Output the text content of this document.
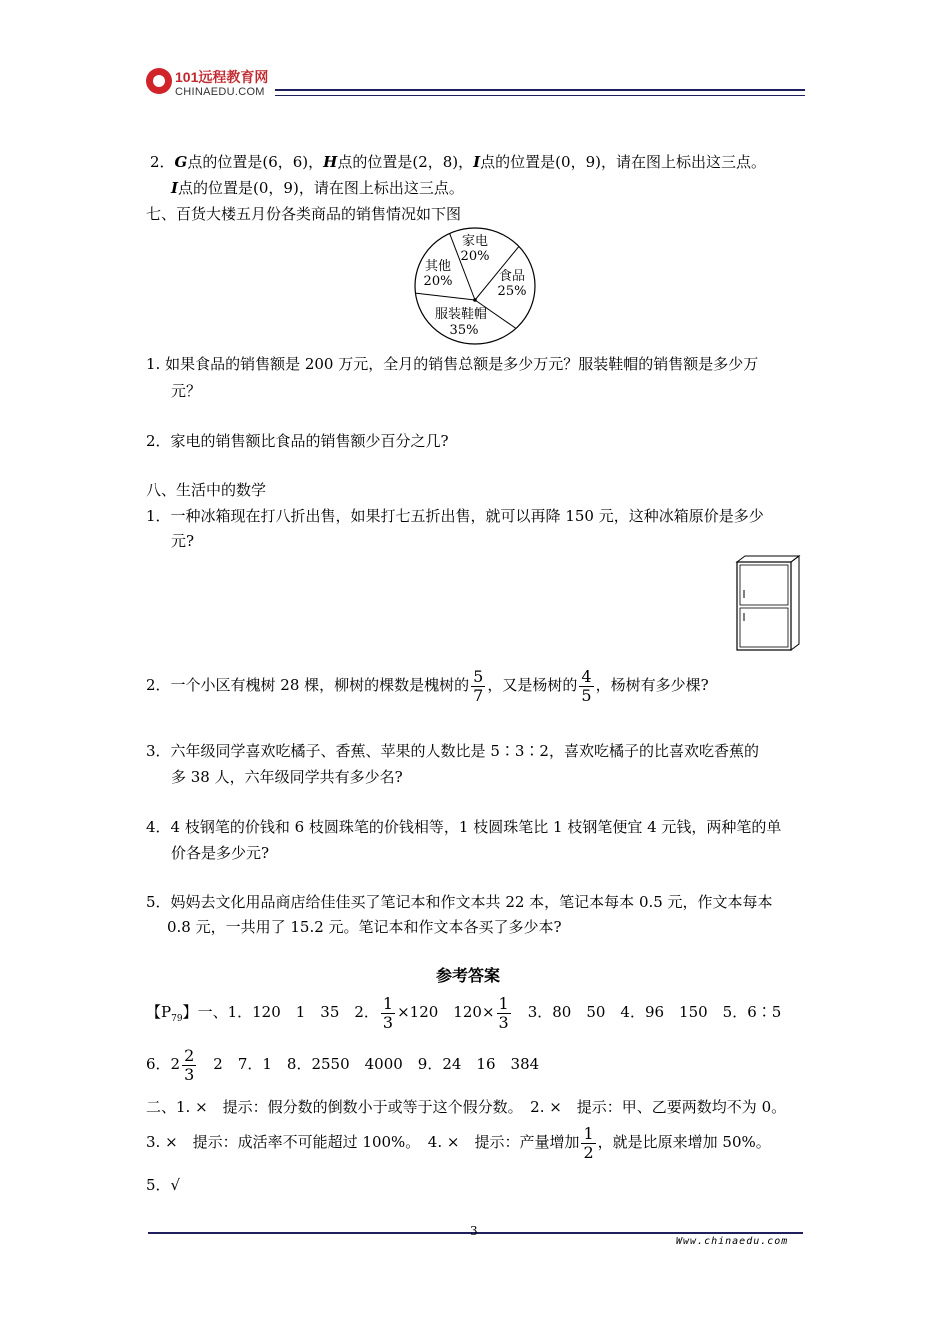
101远程教育网
CHINAEDU.COM
2．G点的位置是(6，6)，H点的位置是(2，8)，I点的位置是(0，9)，请在图上标出这三点。
I点的位置是(0，9)，请在图上标出这三点。
七、百货大楼五月份各类商品的销售情况如下图
家电
20%
食品
25%
服装鞋帽
35%
其他
20%
1. 如果食品的销售额是 200 万元，全月的销售总额是多少万元？服装鞋帽的销售额是多少万
元？
2．家电的销售额比食品的销售额少百分之几?
八、生活中的数学
1．一种冰箱现在打八折出售，如果打七五折出售，就可以再降 150 元，这种冰箱原价是多少
元?
2．一个小区有槐树 28 棵，柳树的棵数是槐树的 $\frac{5}{7}$ ，又是杨树的 $\frac{4}{5}$ ，杨树有多少棵?
3．六年级同学喜欢吃橘子、香蕉、苹果的人数比是 5∶3∶2，喜欢吃橘子的比喜欢吃香蕉的
多 38 人，六年级同学共有多少名?
4．4 枝钢笔的价钱和 6 枝圆珠笔的价钱相等，1 枝圆珠笔比 1 枝钢笔便宜 4 元钱，两种笔的单
价各是多少元?
5．妈妈去文化用品商店给佳佳买了笔记本和作文本共 22 本，笔记本每本 0.5 元，作文本每本
0.8 元，一共用了 15.2 元。笔记本和作文本各买了多少本?
参考答案
【$P_{79}$】一、1．120　1　35　2． $\frac{1}{3} \times 120$　$120\times \frac{1}{3}$ 　3．80　50　4．96　150　5．6∶5
6．$2 \frac{2}{3}$ 　2　7．1　8．2550　4000　9．24　16　384
二、1. ×　提示：假分数的倒数小于或等于这个假分数。　2. ×　提示：甲、乙要两数均不为 0。
3. ×　提示：成活率不可能超过 100%。　4. ×　提示：产量增加 $\frac{1}{2}$ ，就是比原来增加 50%。
5．√
3
Www.chinaedu.com
